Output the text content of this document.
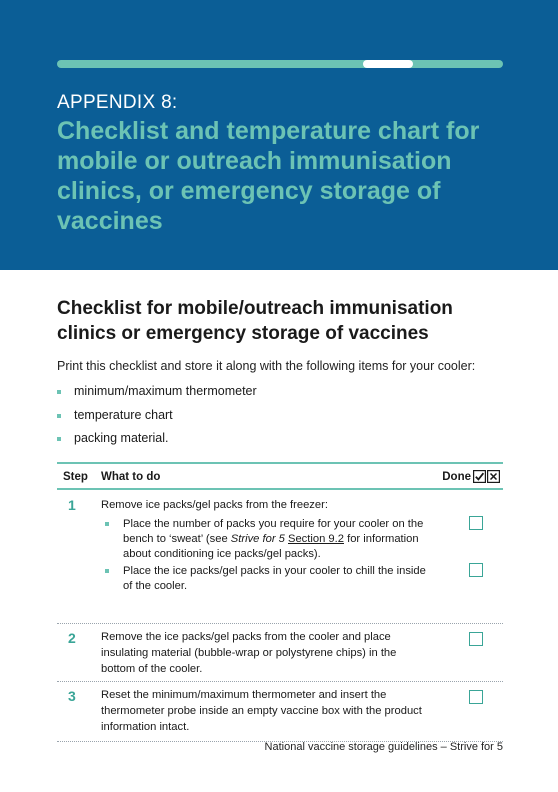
APPENDIX 8:
Checklist and temperature chart for mobile or outreach immunisation clinics, or emergency storage of vaccines
Checklist for mobile/outreach immunisation clinics or emergency storage of vaccines
Print this checklist and store it along with the following items for your cooler:
minimum/maximum thermometer
temperature chart
packing material.
Step What to do	Done
1 Remove ice packs/gel packs from the freezer:
Place the number of packs you require for your cooler on the bench to ‘sweat’ (see Strive for 5 Section 9.2 for information about conditioning ice packs/gel packs).
Place the ice packs/gel packs in your cooler to chill the inside of the cooler.
2 Remove the ice packs/gel packs from the cooler and place insulating material (bubble-wrap or polystyrene chips) in the bottom of the cooler.
3 Reset the minimum/maximum thermometer and insert the thermometer probe inside an empty vaccine box with the product information intact.
National vaccine storage guidelines – Strive for 5
